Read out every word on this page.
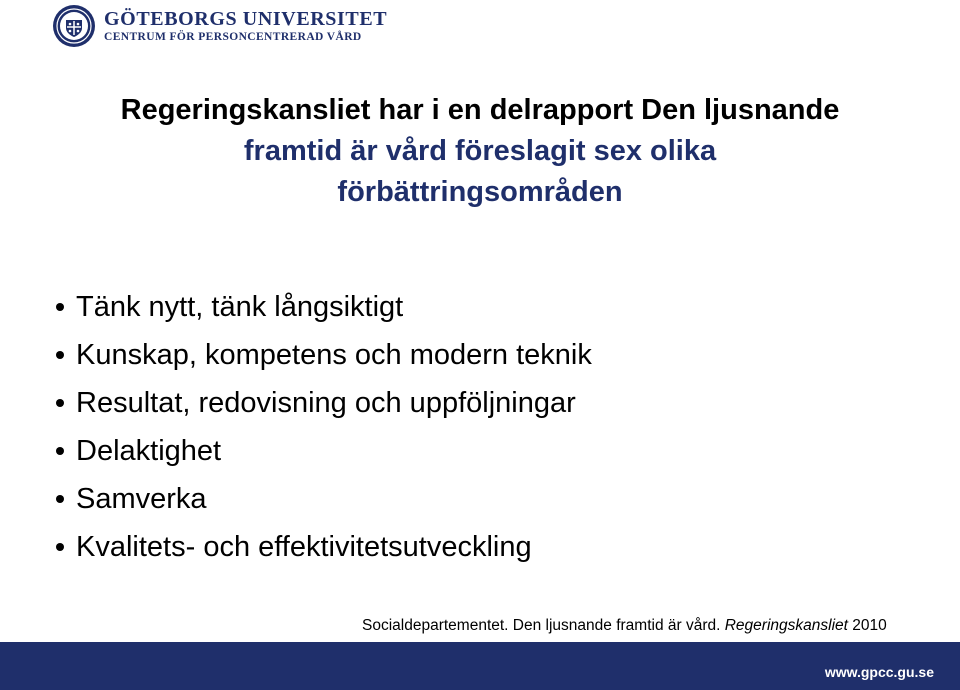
GÖTEBORGS UNIVERSITET
CENTRUM FÖR PERSONCENTRERAD VÅRD
Regeringskansliet har i en delrapport Den ljusnande
framtid är vård föreslagit sex olika
förbättringsområden
Tänk nytt, tänk långsiktigt
Kunskap, kompetens och modern teknik
Resultat, redovisning och uppföljningar
Delaktighet
Samverka
Kvalitets- och effektivitetsutveckling
Socialdepartementet. Den ljusnande framtid är vård. Regeringskansliet 2010
www.gpcc.gu.se
